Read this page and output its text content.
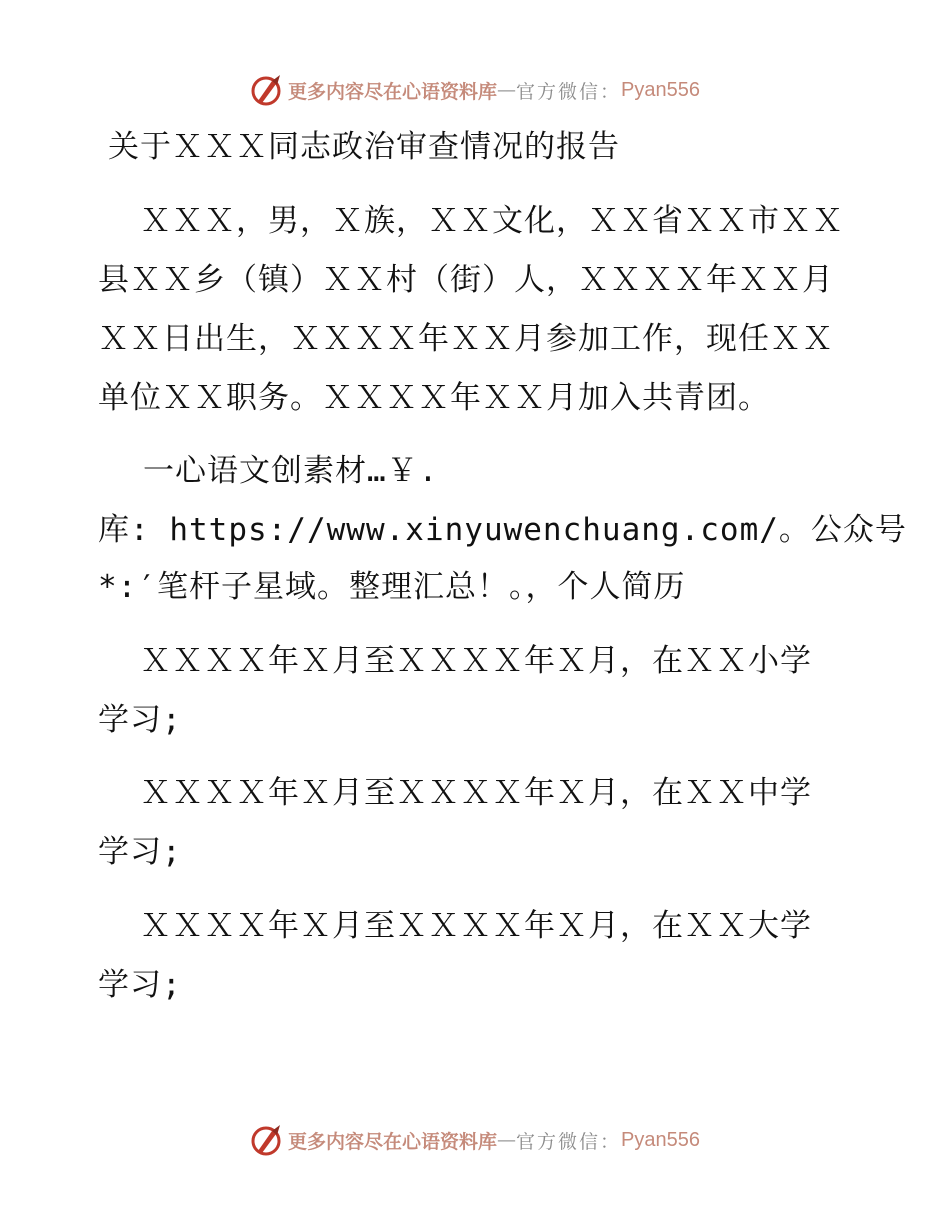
更多内容尽在心语资料库 — 官方微信： Pyan556
关于ＸＸＸ同志政治审查情况的报告
ＸＸＸ，男，Ｘ族，ＸＸ文化，ＸＸ省ＸＸ市ＸＸ
县ＸＸ乡（镇）ＸＸ村（街）人，ＸＸＸＸ年ＸＸ月
ＸＸ日出生，ＸＸＸＸ年ＸＸ月参加工作，现任ＸＸ
单位ＸＸ职务。ＸＸＸＸ年ＸＸ月加入共青团。
一心语文创素材…￥.
库: https://www.xinyuwenchuang.com/。公众号
*:′笔杆子星域。整理汇总！。，个人简历
ＸＸＸＸ年Ｘ月至ＸＸＸＸ年Ｘ月，在ＸＸ小学
学习;
ＸＸＸＸ年Ｘ月至ＸＸＸＸ年Ｘ月，在ＸＸ中学
学习;
ＸＸＸＸ年Ｘ月至ＸＸＸＸ年Ｘ月，在ＸＸ大学
学习;
更多内容尽在心语资料库 — 官方微信： Pyan556
